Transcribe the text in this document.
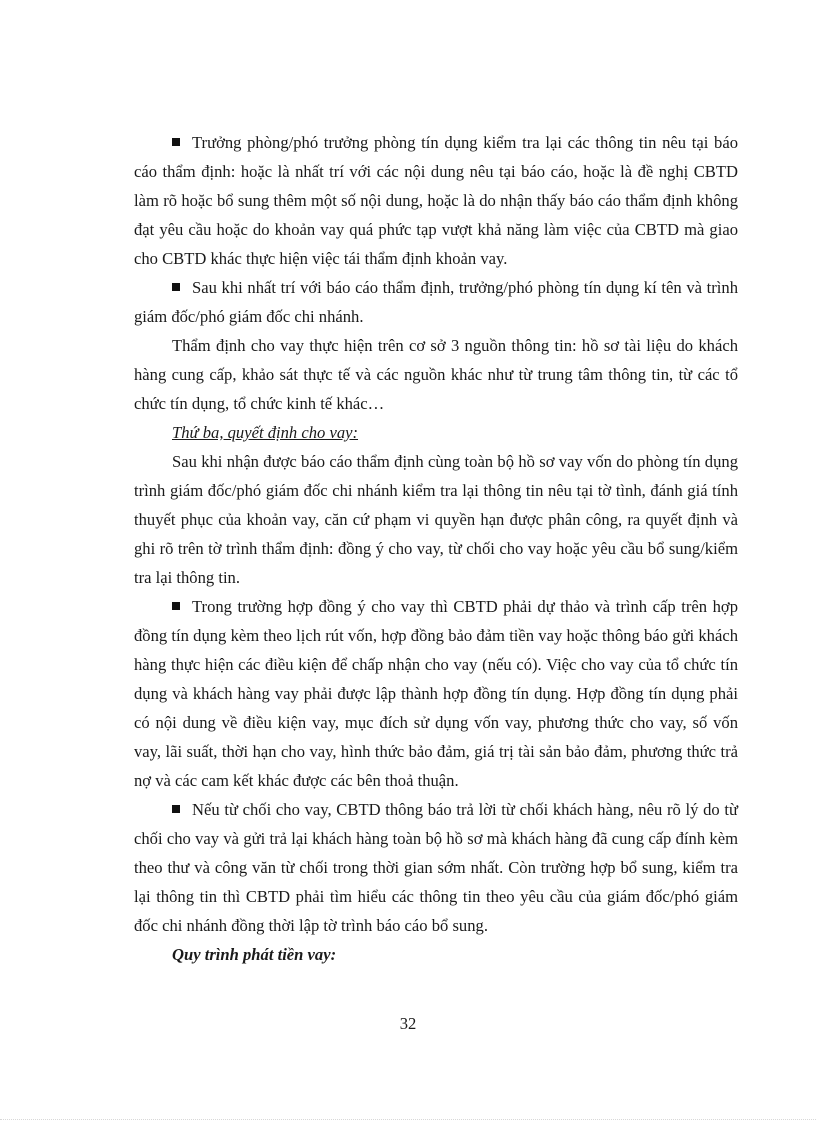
Trưởng phòng/phó trưởng phòng tín dụng kiểm tra lại các thông tin nêu tại báo cáo thẩm định: hoặc là nhất trí với các nội dung nêu tại báo cáo, hoặc là đề nghị CBTD làm rõ hoặc bổ sung thêm một số nội dung, hoặc là do nhận thấy báo cáo thẩm định không đạt yêu cầu hoặc do khoản vay quá phức tạp vượt khả năng làm việc của CBTD mà giao cho CBTD khác thực hiện việc tái thẩm định khoản vay.

Sau khi nhất trí với báo cáo thẩm định, trưởng/phó phòng tín dụng kí tên và trình giám đốc/phó giám đốc chi nhánh.

Thẩm định cho vay thực hiện trên cơ sở 3 nguồn thông tin: hồ sơ tài liệu do khách hàng cung cấp, khảo sát thực tế và các nguồn khác như từ trung tâm thông tin, từ các tổ chức tín dụng, tổ chức kinh tế khác…

Thứ ba, quyết định cho vay:

Sau khi nhận được báo cáo thẩm định cùng toàn bộ hồ sơ vay vốn do phòng tín dụng trình giám đốc/phó giám đốc chi nhánh kiểm tra lại thông tin nêu tại tờ tình, đánh giá tính thuyết phục của khoản vay, căn cứ phạm vi quyền hạn được phân công, ra quyết định và ghi rõ trên tờ trình thẩm định: đồng ý cho vay, từ chối cho vay hoặc yêu cầu bổ sung/kiểm tra lại thông tin.

Trong trường hợp đồng ý cho vay thì CBTD phải dự thảo và trình cấp trên hợp đồng tín dụng kèm theo lịch rút vốn, hợp đồng bảo đảm tiền vay hoặc thông báo gửi khách hàng thực hiện các điều kiện để chấp nhận cho vay (nếu có). Việc cho vay của tổ chức tín dụng và khách hàng vay phải được lập thành hợp đồng tín dụng. Hợp đồng tín dụng phải có nội dung về điều kiện vay, mục đích sử dụng vốn vay, phương thức cho vay, số vốn vay, lãi suất, thời hạn cho vay, hình thức bảo đảm, giá trị tài sản bảo đảm, phương thức trả nợ và các cam kết khác được các bên thoả thuận.

Nếu từ chối cho vay, CBTD thông báo trả lời từ chối khách hàng, nêu rõ lý do từ chối cho vay và gửi trả lại khách hàng toàn bộ hồ sơ mà khách hàng đã cung cấp đính kèm theo thư và công văn từ chối trong thời gian sớm nhất. Còn trường hợp bổ sung, kiểm tra lại thông tin thì CBTD phải tìm hiểu các thông tin theo yêu cầu của giám đốc/phó giám đốc chi nhánh đồng thời lập tờ trình báo cáo bổ sung.

Quy trình phát tiền vay:

32
